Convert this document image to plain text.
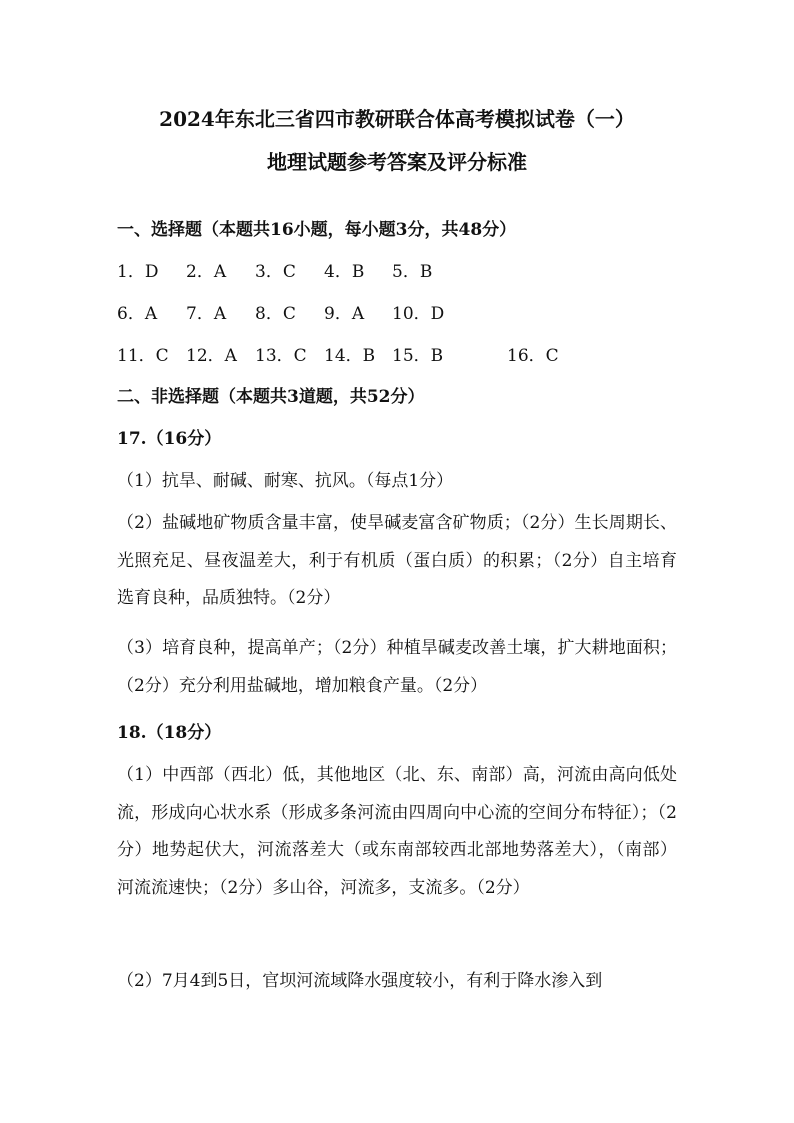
2024年东北三省四市教研联合体高考模拟试卷（一）
地理试题参考答案及评分标准
一、选择题（本题共16小题，每小题3分，共48分）
1．D 2．A 3．C 4．B 5．B
6．A 7．A 8．C 9．A 10．D
11．C 12．A 13．C 14．B 15．B	16．C
二、非选择题（本题共3道题，共52分）
17.（16分）
（1）抗旱、耐碱、耐寒、抗风。（每点1分）
（2）盐碱地矿物质含量丰富，使旱碱麦富含矿物质；（2分）生长周期长、光照充足、昼夜温差大，利于有机质（蛋白质）的积累；（2分）自主培育选育良种，品质独特。（2分）
（3）培育良种，提高单产；（2分）种植旱碱麦改善土壤，扩大耕地面积；（2分）充分利用盐碱地，增加粮食产量。（2分）
18.（18分）
（1）中西部（西北）低，其他地区（北、东、南部）高，河流由高向低处流，形成向心状水系（形成多条河流由四周向中心流的空间分布特征）；（2分）地势起伏大，河流落差大（或东南部较西北部地势落差大），（南部）河流流速快；（2分）多山谷，河流多，支流多。（2分）
（2）7月4到5日，官坝河流域降水强度较小，有利于降水渗入到
